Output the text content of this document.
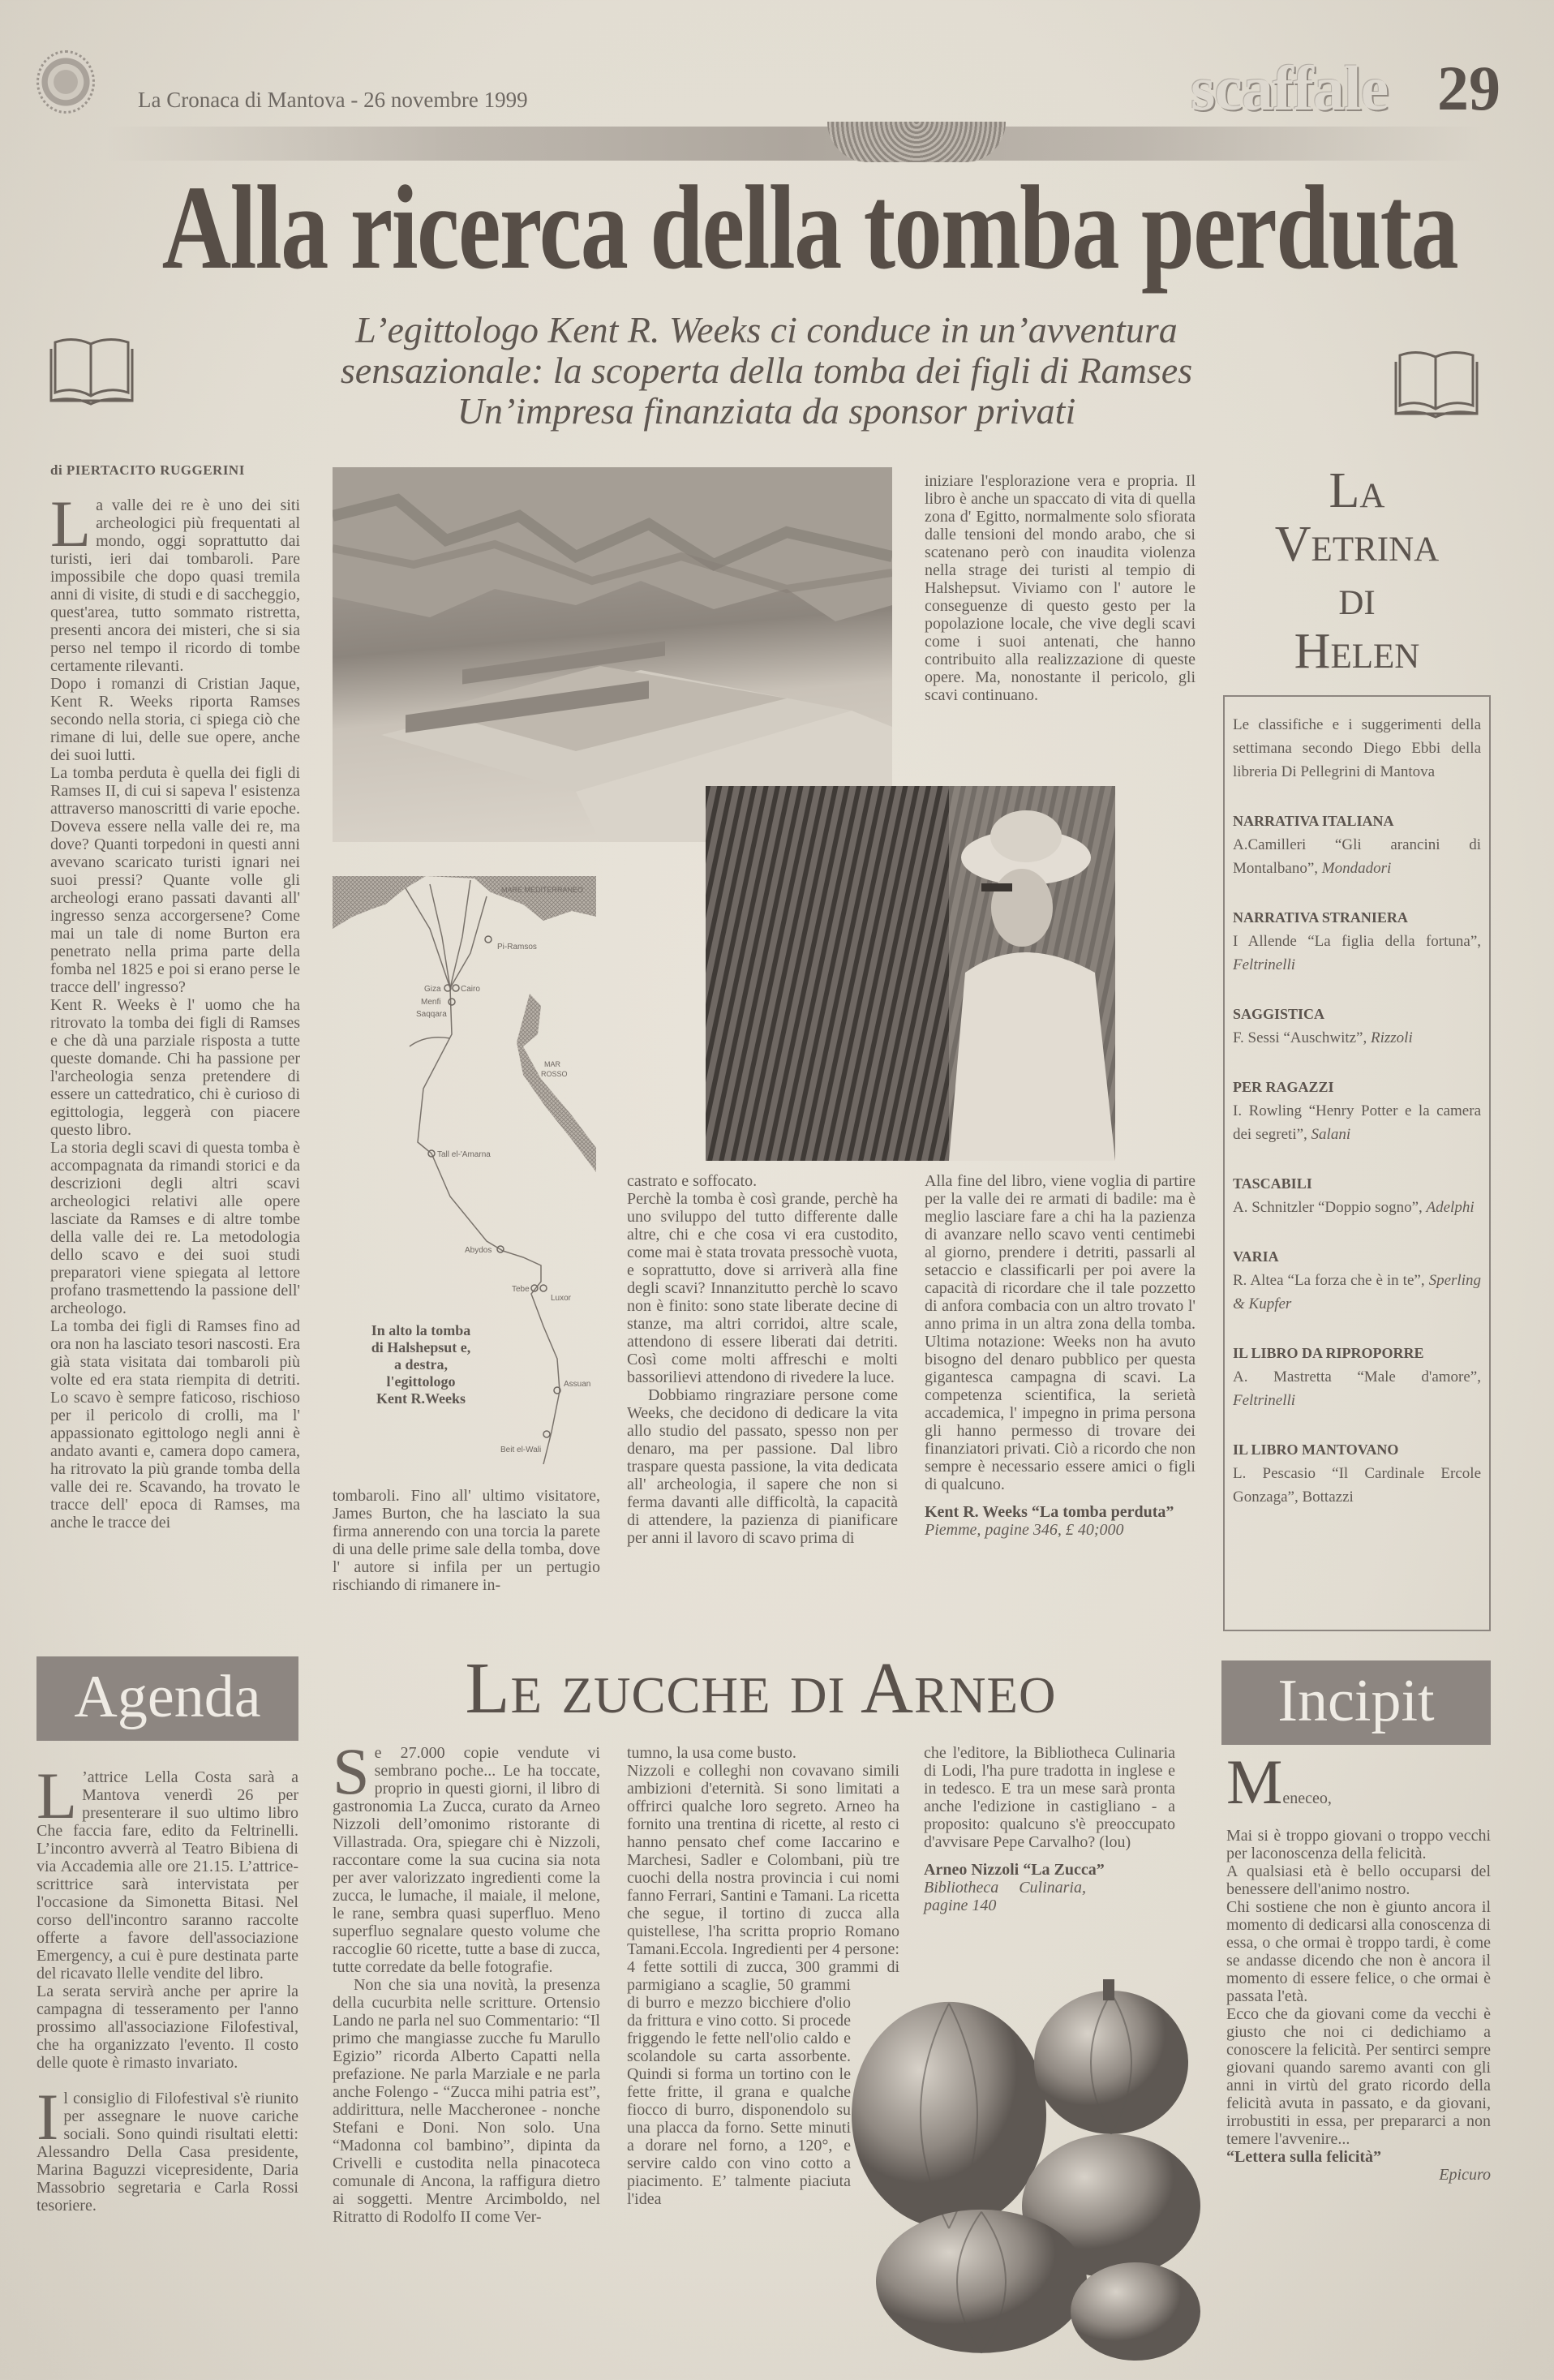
La Cronaca di Mantova - 26 novembre 1999	scaffale 29
Alla ricerca della tomba perduta
L’egittologo Kent R. Weeks ci conduce in un’avventura
sensazionale: la scoperta della tomba dei figli di Ramses
Un’impresa finanziata da sponsor privati
di PIERTACITO RUGGERINI
L a valle dei re è uno dei siti archeologici più frequentati al mondo, oggi soprattutto dai turisti, ieri dai tombaroli. Pare impossibile che dopo quasi tremila anni di visite, di studi e di saccheggio, quest'area, tutto sommato ristretta, presenti ancora dei misteri, che si sia perso nel tempo il ricordo di tombe certamente rilevanti.

Dopo i romanzi di Cristian Jaque, Kent R. Weeks riporta Ramses secondo nella storia, ci spiega ciò che rimane di lui, delle sue opere, anche dei suoi lutti.

La tomba perduta è quella dei figli di Ramses II, di cui si sapeva l' esistenza attraverso manoscritti di varie epoche. Doveva essere nella valle dei re, ma dove? Quanti torpedoni in questi anni avevano scaricato turisti ignari nei suoi pressi? Quante volle gli archeologi erano passati davanti all' ingresso senza accorgersene? Come mai un tale di nome Burton era penetrato nella prima parte della fomba nel 1825 e poi si erano perse le tracce dell' ingresso?

Kent R. Weeks è l' uomo che ha ritrovato la tomba dei figli di Ramses e che dà una parziale risposta a tutte queste domande. Chi ha passione per l'archeologia senza pretendere di essere un cattedratico, chi è curioso di egittologia, leggerà con piacere questo libro.

La storia degli scavi di questa tomba è accompagnata da rimandi storici e da descrizioni degli altri scavi archeologici relativi alle opere lasciate da Ramses e di altre tombe della valle dei re. La metodologia dello scavo e dei suoi studi preparatori viene spiegata al lettore profano trasmettendo la passione dell' archeologo.

La tomba dei figli di Ramses fino ad ora non ha lasciato tesori nascosti. Era già stata visitata dai tombaroli più volte ed era stata riempita di detriti. Lo scavo è sempre faticoso, rischioso per il pericolo di crolli, ma l' appassionato egittologo negli anni è andato avanti e, camera dopo camera, ha ritrovato la più grande tomba della valle dei re. Scavando, ha trovato le tracce dell' epoca di Ramses, ma anche le tracce dei

MARE MEDITERRANEO
Pi-Ramsos
Giza Cairo
Menfi
Saqqara
MAR
ROSSO
Tall el-'Amarna
Abydos
Tebe
Luxor
Assuan
Beit el-Wali
In alto la tomba
di Halshepsut e,
a destra,
l'egittologo
Kent R.Weeks

iniziare l'esplorazione vera e propria. Il libro è anche un spaccato di vita di quella zona d' Egitto, normalmente solo sfiorata dalle tensioni del mondo arabo, che si scatenano però con inaudita violenza nella strage dei turisti al tempio di Halshepsut. Viviamo con l' autore le conseguenze di questo gesto per la popolazione locale, che vive degli scavi come i suoi antenati, che hanno contribuito alla realizzazione di queste opere. Ma, nonostante il pericolo, gli scavi continuano.

tombaroli. Fino all' ultimo visitatore, James Burton, che ha lasciato la sua firma annerendo con una torcia la parete di una delle prime sale della tomba, dove l' autore si infila per un pertugio rischiando di rimanere in-

castrato e soffocato.

Perchè la tomba è così grande, perchè ha uno sviluppo del tutto differente dalle altre, chi e che cosa vi era custodito, come mai è stata trovata pressochè vuota, e soprattutto, dove si arriverà alla fine degli scavi? Innanzitutto perchè lo scavo non è finito: sono state liberate decine di stanze, ma altri corridoi, altre scale, attendono di essere liberati dai detriti. Così come molti affreschi e molti bassorilievi attendono di rivedere la luce.

Dobbiamo ringraziare persone come Weeks, che decidono di dedicare la vita allo studio del passato, spesso non per denaro, ma per passione. Dal libro traspare questa passione, la vita dedicata all' archeologia, il sapere che non si ferma davanti alle difficoltà, la capacità di attendere, la pazienza di pianificare per anni il lavoro di scavo prima di

Alla fine del libro, viene voglia di partire per la valle dei re armati di badile: ma è meglio lasciare fare a chi ha la pazienza di avanzare nello scavo venti centimebi al giorno, prendere i detriti, passarli al setaccio e classificarli per poi avere la capacità di ricordare che il tale pozzetto di anfora combacia con un altro trovato l' anno prima in un altra zona della tomba. Ultima notazione: Weeks non ha avuto bisogno del denaro pubblico per questa gigantesca campagna di scavi. La competenza scientifica, la serietà accademica, l' impegno in prima persona gli hanno permesso di trovare dei finanziatori privati. Ciò a ricordo che non sempre è necessario essere amici o figli di qualcuno.

Kent R. Weeks “La tomba perduta”
Piemme, pagine 346, £ 40;000
La
Vetrina
di
Helen
Le classifiche e i suggerimenti della settimana secondo Diego Ebbi della libreria Di Pellegrini di Mantova
NARRATIVA ITALIANA
A.Camilleri “Gli arancini di Montalbano”, Mondadori
NARRATIVA STRANIERA
I Allende “La figlia della fortuna”, Feltrinelli
SAGGISTICA
F. Sessi “Auschwitz”, Rizzoli
PER RAGAZZI
I. Rowling “Henry Potter e la camera dei segreti”, Salani
TASCABILI
A. Schnitzler “Doppio sogno”, Adelphi
VARIA
R. Altea “La forza che è in te”, Sperling & Kupfer
IL LIBRO DA RIPROPORRE
A. Mastretta “Male d'amore”, Feltrinelli
IL LIBRO MANTOVANO
L. Pescasio “Il Cardinale Ercole Gonzaga”, Bottazzi
Agenda
L ’attrice Lella Costa sarà a Mantova venerdì 26 per presenterare il suo ultimo libro Che faccia fare, edito da Feltrinelli. L’incontro avverrà al Teatro Bibiena di via Accademia alle ore 21.15. L’attrice-scrittrice sarà intervistata per l'occasione da Simonetta Bitasi. Nel corso dell'incontro saranno raccolte offerte a favore dell'associazione Emergency, a cui è pure destinata parte del ricavato llelle vendite del libro.

La serata servirà anche per aprire la campagna di tesseramento per l'anno prossimo all'associazione Filofestival, che ha organizzato l'evento. Il costo delle quote è rimasto invariato.

I l consiglio di Filofestival s'è riunito per assegnare le nuove cariche sociali. Sono quindi risultati eletti: Alessandro Della Casa presidente, Marina Baguzzi vicepresidente, Daria Massobrio segretaria e Carla Rossi tesoriere.

Le zucche di Arneo
S e 27.000 copie vendute vi sembrano poche... Le ha toccate, proprio in questi giorni, il libro di gastronomia La Zucca, curato da Arneo Nizzoli dell’omonimo ristorante di Villastrada. Ora, spiegare chi è Nizzoli, raccontare come la sua cucina sia nota per aver valorizzato ingredienti come la zucca, le lumache, il maiale, il melone, le rane, sembra quasi superfluo. Meno superfluo segnalare questo volume che raccoglie 60 ricette, tutte a base di zucca, tutte corredate da belle fotografie.

Non che sia una novità, la presenza della cucurbita nelle scritture. Ortensio Lando ne parla nel suo Commentario: “Il primo che mangiasse zucche fu Marullo Egizio” ricorda Alberto Capatti nella prefazione. Ne parla Marziale e ne parla anche Folengo - “Zucca mihi patria est”, addirittura, nelle Maccheronee - nonche Stefani e Doni. Non solo. Una “Madonna col bambino”, dipinta da Crivelli e custodita nella pinacoteca comunale di Ancona, la raffigura dietro ai soggetti. Mentre Arcimboldo, nel Ritratto di Rodolfo II come Ver-

tumno, la usa come busto.

Nizzoli e colleghi non covavano simili ambizioni d'eternità. Si sono limitati a offrirci qualche loro segreto. Arneo ha fornito una trentina di ricette, al resto ci hanno pensato chef come Iaccarino e Marchesi, Sadler e Colombani, più tre cuochi della nostra provincia i cui nomi fanno Ferrari, Santini e Tamani. La ricetta che segue, il tortino di zucca alla quistellese, l'ha scritta proprio Romano Tamani.Eccola. Ingredienti per 4 persone: 4 fette sottili di zucca, 300 grammi di parmigiano a scaglie, 50 grammi di burro e mezzo bicchiere d'olio da frittura e vino cotto. Si procede friggendo le fette nell'olio caldo e scolandole su carta assorbente. Quindi si forma un tortino con le fette fritte, il grana e qualche fiocco di burro, disponendolo su una placca da forno. Sette minuti a dorare nel forno, a 120°, e servire caldo con vino cotto a piacimento. E’ talmente piaciuta l'idea

che l'editore, la Bibliotheca Culinaria di Lodi, l'ha pure tradotta in inglese e in tedesco. E tra un mese sarà pronta anche l'edizione in castigliano - a proposito: qualcuno s'è preoccupato d'avvisare Pepe Carvalho? (lou)

Arneo Nizzoli “La Zucca”
Bibliotheca Culinaria, pagine 140
Incipit
Meneceo,

Mai si è troppo giovani o troppo vecchi per laconoscenza della felicità.

A qualsiasi età è bello occuparsi del benessere dell'animo nostro.

Chi sostiene che non è giunto ancora il momento di dedicarsi alla conoscenza di essa, o che ormai è troppo tardi, è come se andasse dicendo che non è ancora il momento di essere felice, o che ormai è passata l'età.

Ecco che da giovani come da vecchi è giusto che noi ci dedichiamo a conoscere la felicità. Per sentirci sempre giovani quando saremo avanti con gli anni in virtù del grato ricordo della felicità avuta in passato, e da giovani, irrobustiti in essa, per prepararci a non temere l'avvenire...

“Lettera sulla felicità”
Epicuro
